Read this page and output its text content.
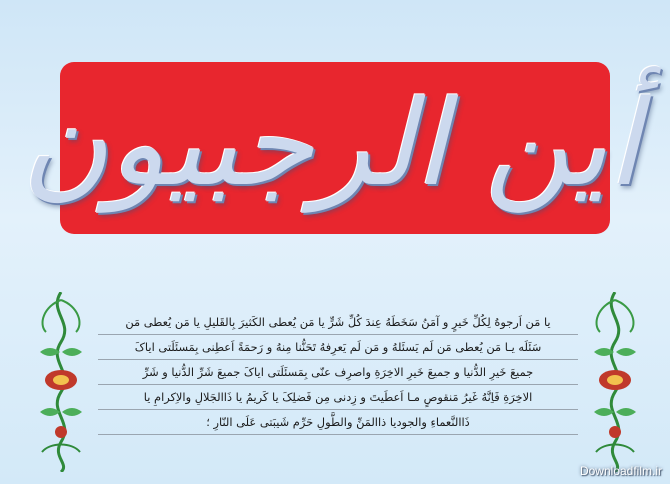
أین الرجبیون
یا مَن اَرجوهُ لِکُلِّ خَیرٍ و آمَنُ سَخَطَهُ عِندَ کُلِّ شَرٍّ یا مَن یُعطی الکَثیرَ بِالقَلیلِ یا مَن یُعطی مَن
سَئَلَه یـا مَن یُعطی مَن لَم یَسئَلهُ و مَن لَم یَعرِفهُ تَحَنُّنا مِنهُ و رَحمَةً اَعطِنی بِمَسئَلَتی ایاکَ
جمیعَ خَیرِ الدُّنیا و جمیعَ خَیرِ الاخِرَةِ واصرِف عنّی بِمَسئَلَتی ایاکَ جمیعَ شَرِّ الدُّنیا و شَرِّ
الاخِرَةِ فَاِنَّهُ غَیرُ مَنقوصٍ مـا اَعطَیتَ و زِدنی مِن فَضلِکَ یا کَریمُ یا ذَاالجَلالِ والاِکرامِ یا
ذَاالنَّعماءِ والجودیا ذاالمَنِّ والطَّولِ حَرِّم شَیبَتی عَلَی النّارِ ؛
Downloadfilm.ir
